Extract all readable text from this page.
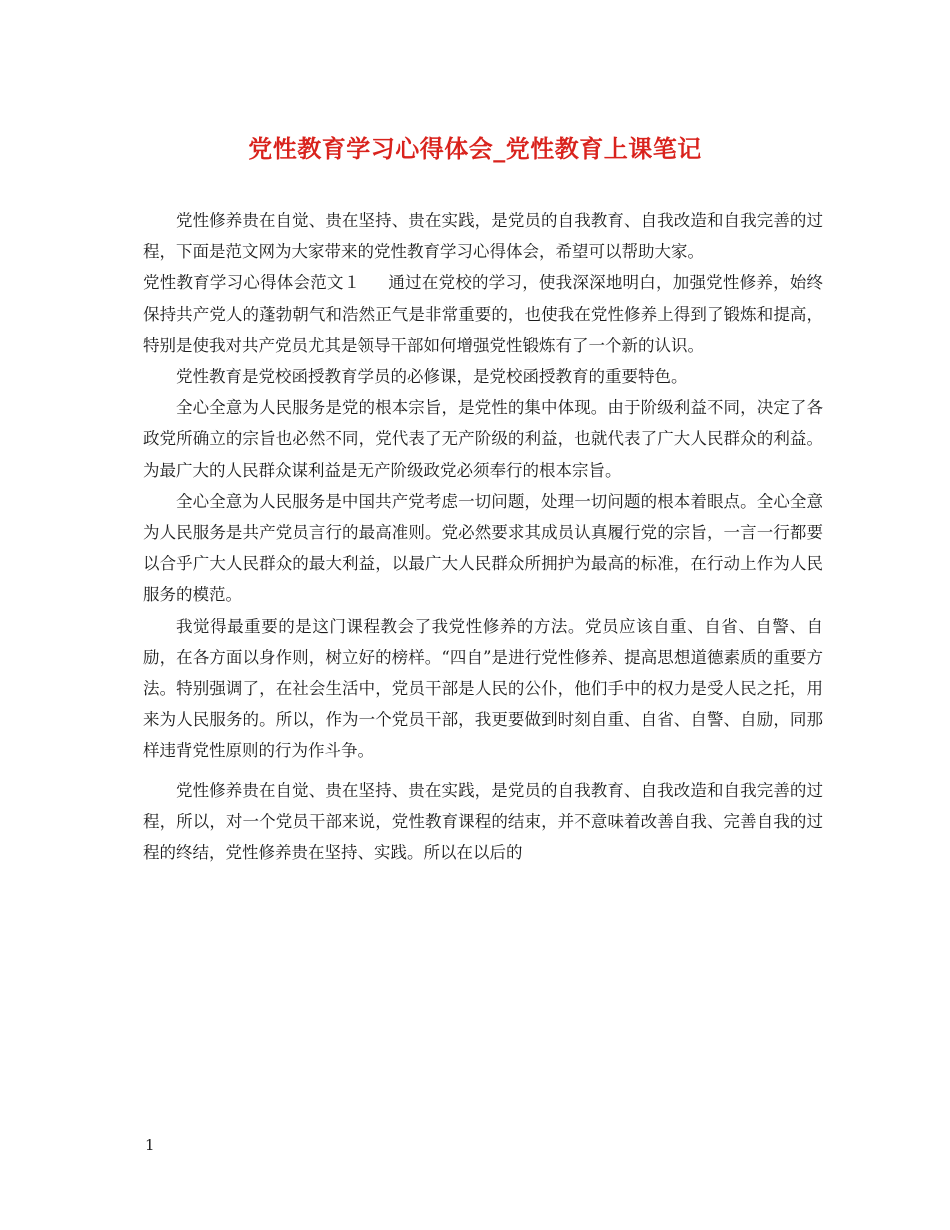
党性教育学习心得体会_党性教育上课笔记

党性修养贵在自觉、贵在坚持、贵在实践，是党员的自我教育、自我改造和自我完善的过程，下面是范文网为大家带来的党性教育学习心得体会，希望可以帮助大家。

党性教育学习心得体会范文１ 通过在党校的学习，使我深深地明白，加强党性修养，始终保持共产党人的蓬勃朝气和浩然正气是非常重要的，也使我在党性修养上得到了锻炼和提高，特别是使我对共产党员尤其是领导干部如何增强党性锻炼有了一个新的认识。

党性教育是党校函授教育学员的必修课，是党校函授教育的重要特色。

全心全意为人民服务是党的根本宗旨，是党性的集中体现。由于阶级利益不同，决定了各政党所确立的宗旨也必然不同，党代表了无产阶级的利益，也就代表了广大人民群众的利益。为最广大的人民群众谋利益是无产阶级政党必须奉行的根本宗旨。

全心全意为人民服务是中国共产党考虑一切问题，处理一切问题的根本着眼点。全心全意为人民服务是共产党员言行的最高准则。党必然要求其成员认真履行党的宗旨，一言一行都要以合乎广大人民群众的最大利益，以最广大人民群众所拥护为最高的标准，在行动上作为人民服务的模范。

我觉得最重要的是这门课程教会了我党性修养的方法。党员应该自重、自省、自警、自励，在各方面以身作则，树立好的榜样。“四自”是进行党性修养、提高思想道德素质的重要方法。特别强调了，在社会生活中，党员干部是人民的公仆，他们手中的权力是受人民之托，用来为人民服务的。所以，作为一个党员干部，我更要做到时刻自重、自省、自警、自励，同那样违背党性原则的行为作斗争。

党性修养贵在自觉、贵在坚持、贵在实践，是党员的自我教育、自我改造和自我完善的过程，所以，对一个党员干部来说，党性教育课程的结束，并不意味着改善自我、完善自我的过程的终结，党性修养贵在坚持、实践。所以在以后的

1
